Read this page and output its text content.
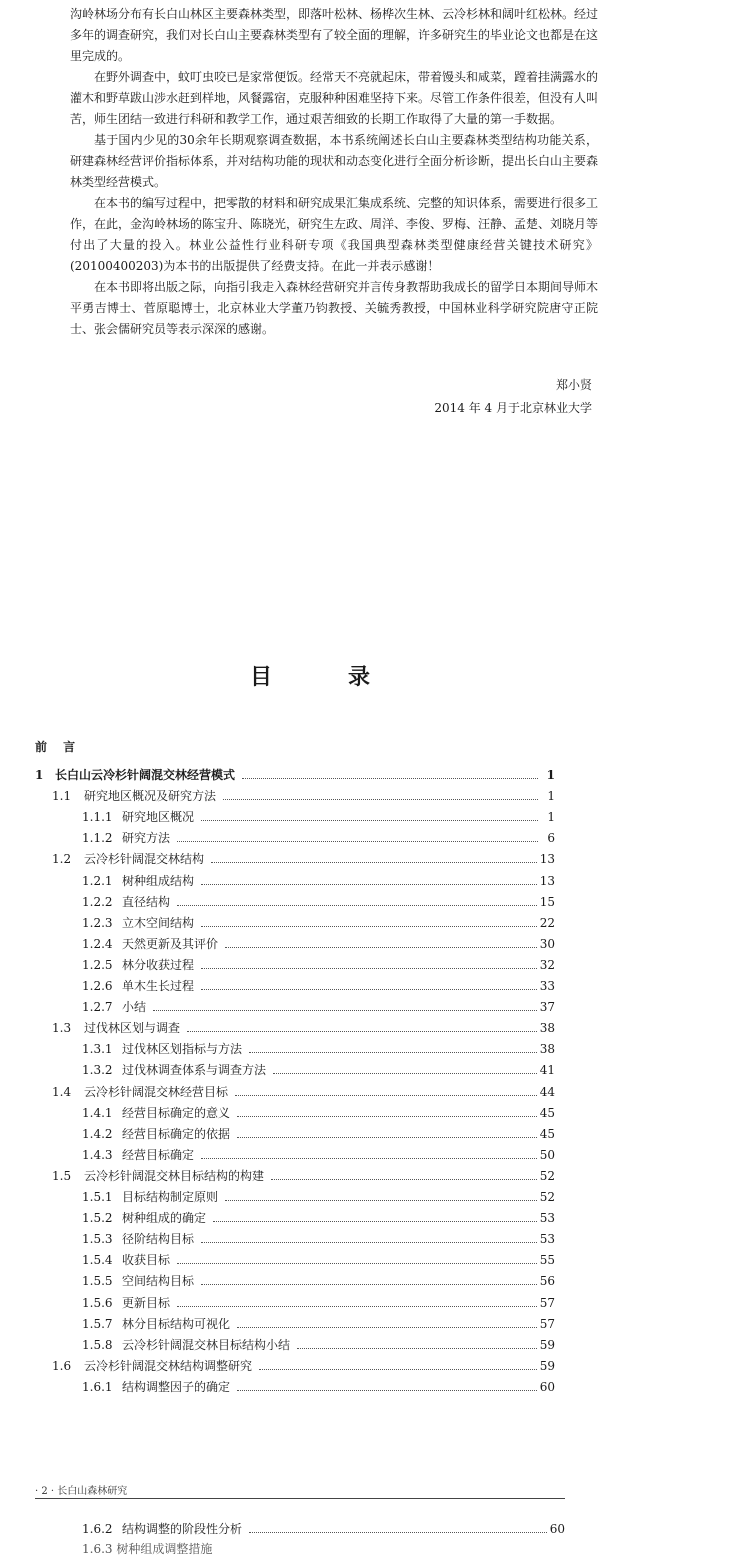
沟岭林场分布有长白山林区主要森林类型，即落叶松林、杨桦次生林、云冷杉林和阔叶红松林。经过多年的调查研究，我们对长白山主要森林类型有了较全面的理解，许多研究生的毕业论文也都是在这里完成的。

在野外调查中，蚊叮虫咬已是家常便饭。经常天不亮就起床，带着馒头和咸菜，蹚着挂满露水的灌木和野草跋山涉水赶到样地，风餐露宿，克服种种困难坚持下来。尽管工作条件很差，但没有人叫苦，师生团结一致进行科研和教学工作，通过艰苦细致的长期工作取得了大量的第一手数据。

基于国内少见的30余年长期观察调查数据，本书系统阐述长白山主要森林类型结构功能关系，研建森林经营评价指标体系，并对结构功能的现状和动态变化进行全面分析诊断，提出长白山主要森林类型经营模式。

在本书的编写过程中，把零散的材料和研究成果汇集成系统、完整的知识体系，需要进行很多工作，在此，金沟岭林场的陈宝升、陈晓光，研究生左政、周洋、李俊、罗梅、汪静、孟楚、刘晓月等付出了大量的投入。林业公益性行业科研专项《我国典型森林类型健康经营关键技术研究》(20100400203)为本书的出版提供了经费支持。在此一并表示感谢！

在本书即将出版之际，向指引我走入森林经营研究并言传身教帮助我成长的留学日本期间导师木平勇吉博士、菅原聪博士，北京林业大学董乃钧教授、关毓秀教授，中国林业科学研究院唐守正院士、张会儒研究员等表示深深的感谢。

郑小贤
2014 年 4 月于北京林业大学
目	录
前 言
1 长白山云冷杉针阔混交林经营模式	1
1.1	研究地区概况及研究方法	1
1.1.1 研究地区概况	1
1.1.2 研究方法	6
1.2	云冷杉针阔混交林结构	13
1.2.1 树种组成结构	13
1.2.2 直径结构	15
1.2.3 立木空间结构	22
1.2.4 天然更新及其评价	30
1.2.5 林分收获过程	32
1.2.6 单木生长过程	33
1.2.7 小结	37
1.3	过伐林区划与调查	38
1.3.1 过伐林区划指标与方法	38
1.3.2 过伐林调查体系与调查方法	41
1.4	云冷杉针阔混交林经营目标	44
1.4.1 经营目标确定的意义	45
1.4.2 经营目标确定的依据	45
1.4.3 经营目标确定	50
1.5	云冷杉针阔混交林目标结构的构建	52
1.5.1 目标结构制定原则	52
1.5.2 树种组成的确定	53
1.5.3 径阶结构目标	53
1.5.4 收获目标	55
1.5.5 空间结构目标	56
1.5.6 更新目标	57
1.5.7 林分目标结构可视化	57
1.5.8 云冷杉针阔混交林目标结构小结	59
1.6	云冷杉针阔混交林结构调整研究	59
1.6.1 结构调整因子的确定	60
· 2 · 长白山森林研究
1.6.2 结构调整的阶段性分析	60
1.6.3 树种组成调整措施
